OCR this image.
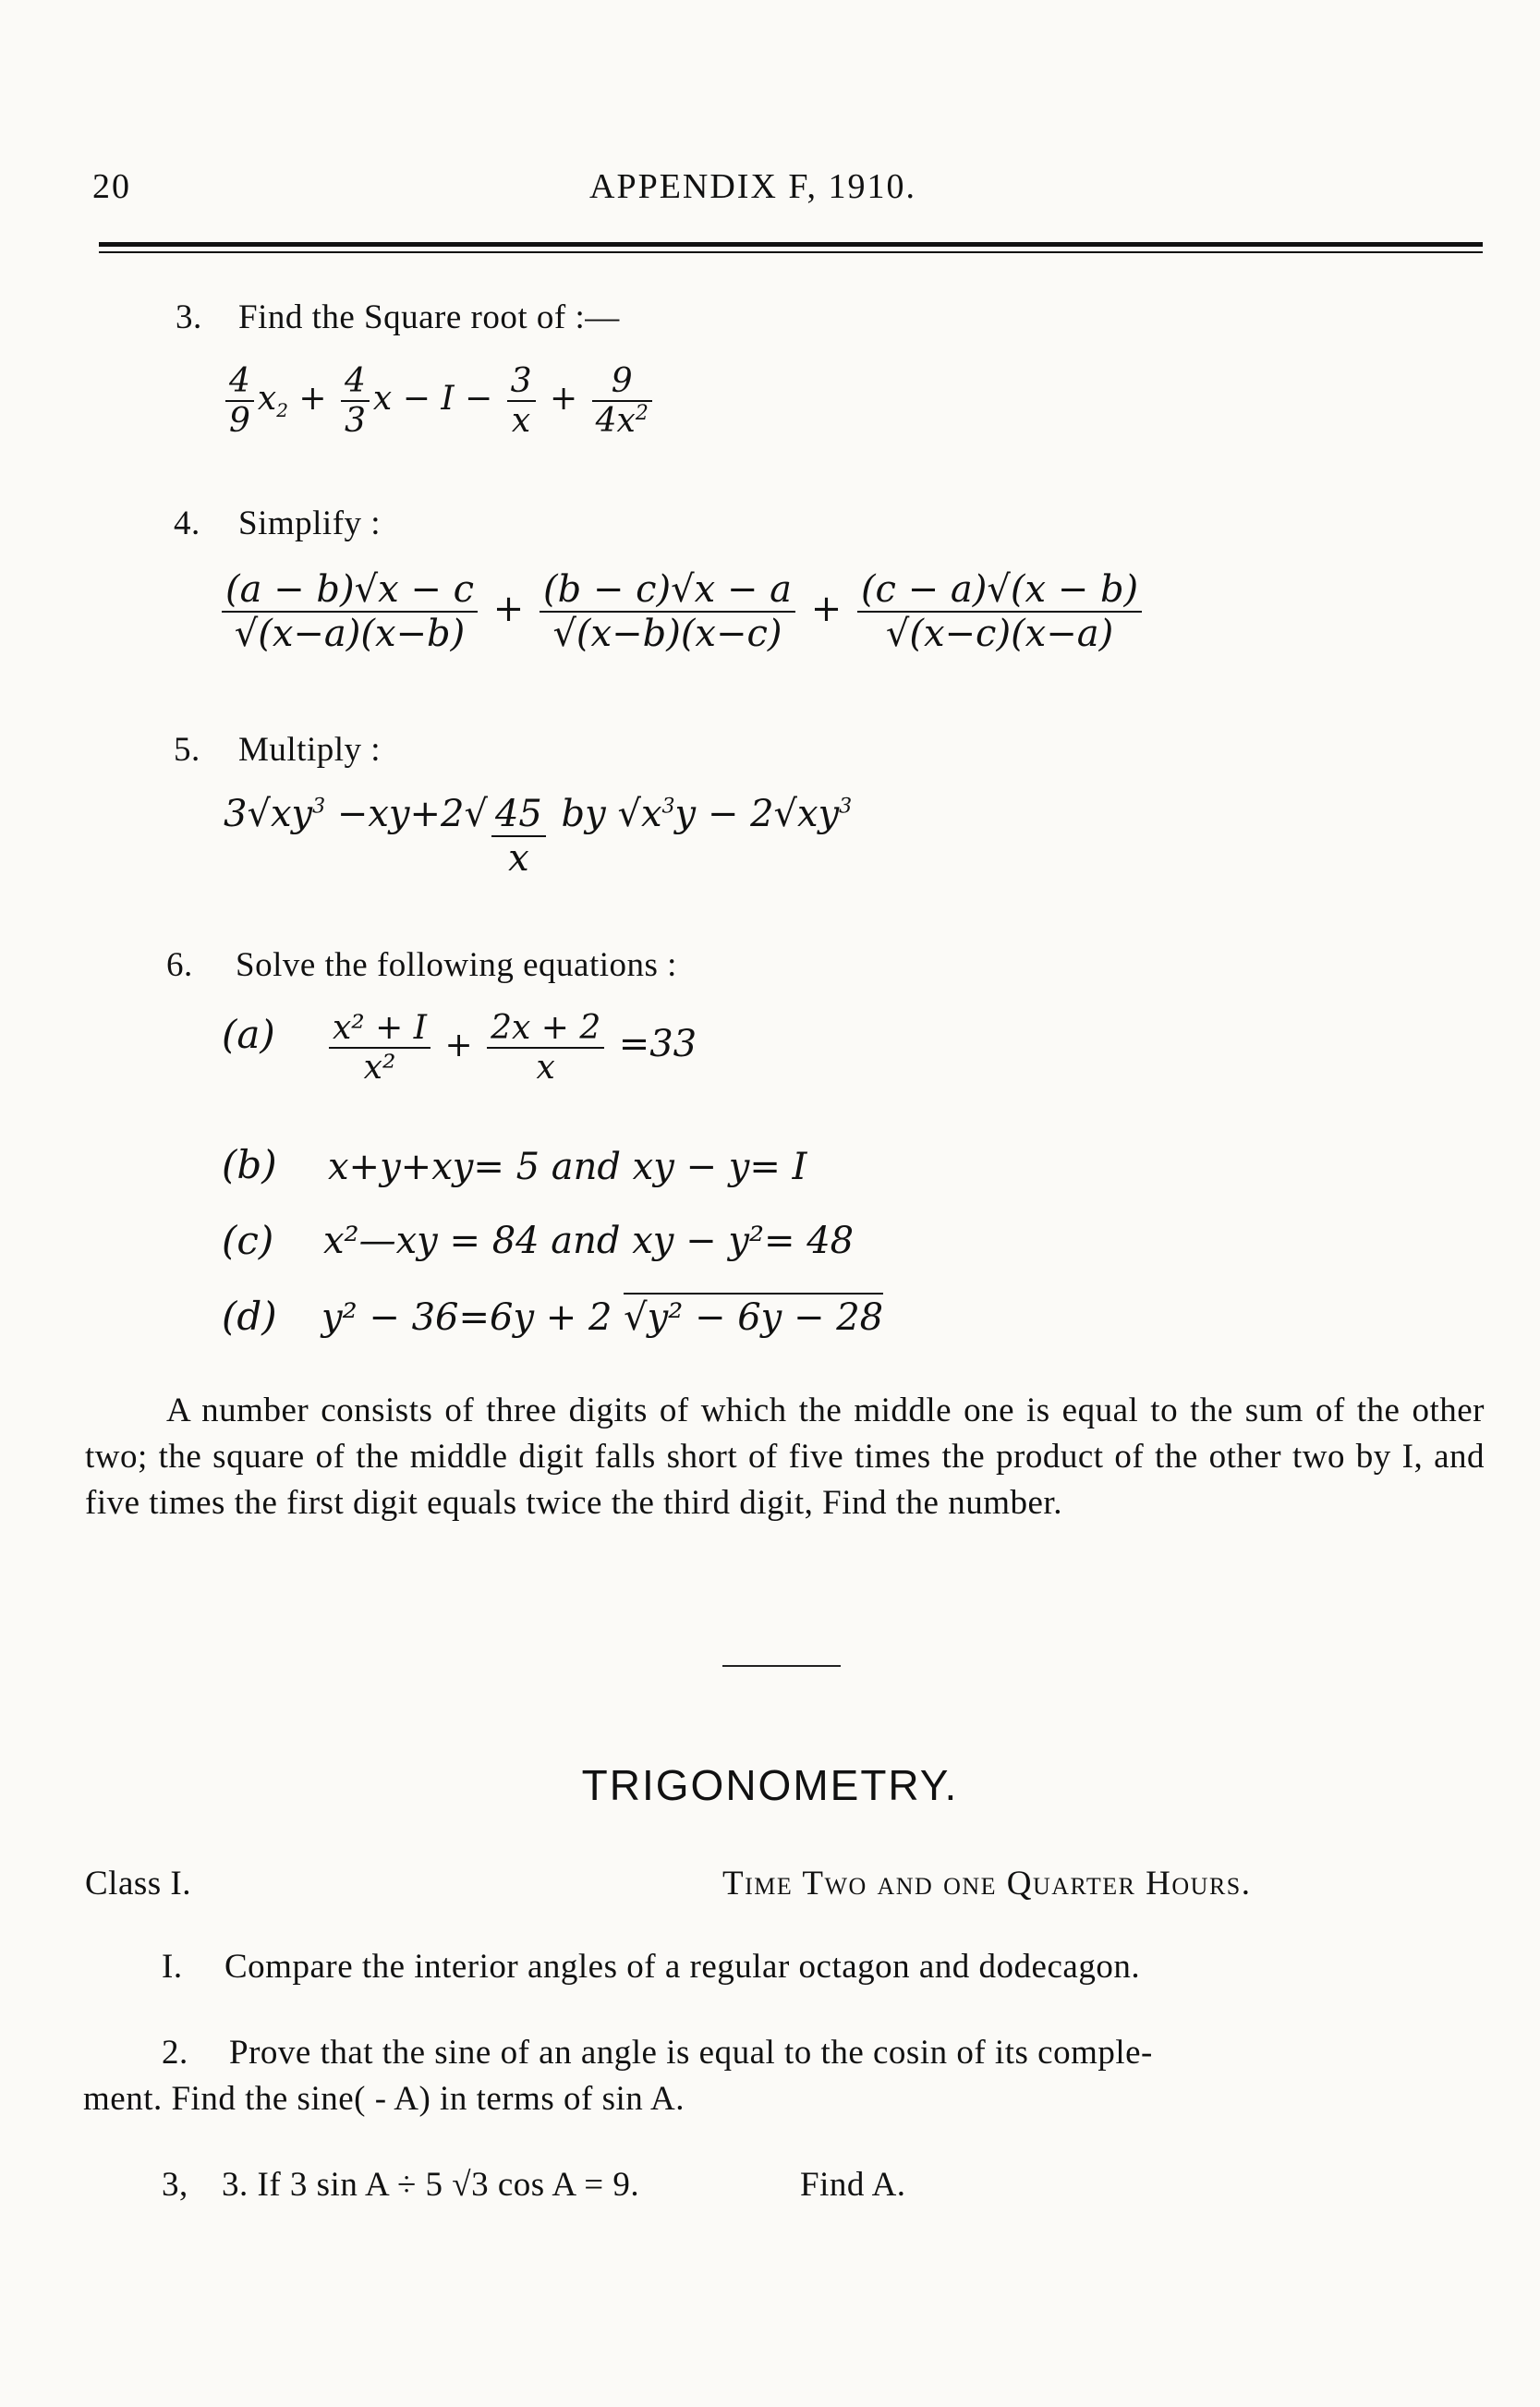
20	APPENDIX F, 1910.
3. Find the Square root of :—
$\frac{4}{9} x_2 + \frac{4}{3}$ $x - I - \frac{3}{x} + \frac{9}{4x^2}$
4. Simplify :
$\frac{(a - b)√x - c}{√(x-a)(x-b)} + \frac{(b - c)√x - a}{√(x-b)(x-c)} + \frac{(c - a)√(x - b)}{√(x-c)(x-a)}$
5. Multiply :
$3√xy^3 -xy+2√ \frac{45}{x}$ by $√x^3y - 2√xy^3$
6. Solve the following equations :
$(a) \frac{\text{x² + I}}{\text{x²}} + \frac{2x + 2}{x} =33$
(b) x+y+xy= 5 and xy − y= I
(c) x²—xy = 84 and xy − y²= 48
(d) y² − 36=6y + 2 √y² − 6y − 28
A number consists of three digits of which the middle one is equal to the sum of the other two; the square of the middle digit falls short of five times the product of the other two by I, and five times the first digit equals twice the third digit, Find the number.
TRIGONOMETRY.
Class I.	Time Two and one Quarter Hours.
I. Compare the interior angles of a regular octagon and dodecagon.
2. Prove that the sine of an angle is equal to the cosin of its comple-
ment. Find the sine( - A) in terms of sin A.
3, 3. If 3 sin A ÷ 5 √3 cos A = 9.	Find A.
